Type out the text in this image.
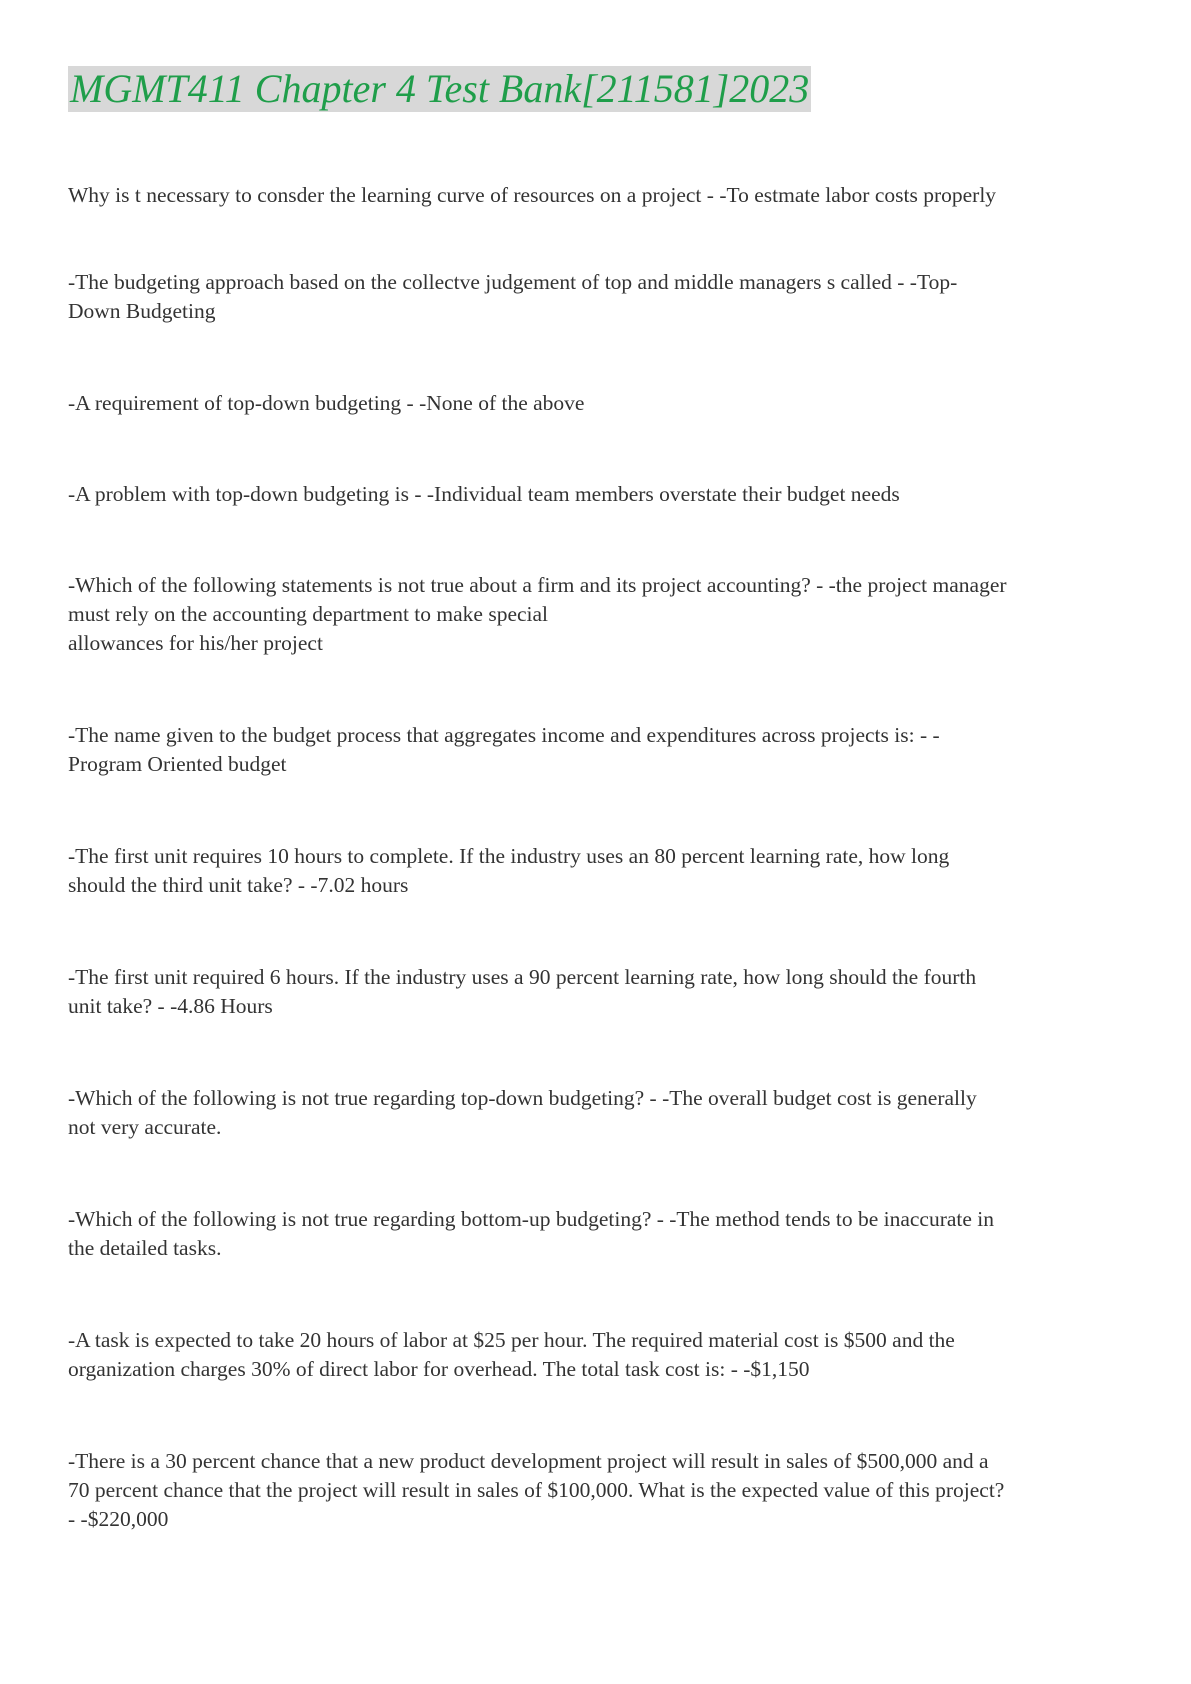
MGMT411 Chapter 4 Test Bank[211581]2023

Why is t necessary to consder the learning curve of resources on a project - -To estmate labor costs properly

-The budgeting approach based on the collectve judgement of top and middle managers s called - -Top-
Down Budgeting

-A requirement of top-down budgeting - -None of the above

-A problem with top-down budgeting is - -Individual team members overstate their budget needs

-Which of the following statements is not true about a firm and its project accounting? - -the project manager
must rely on the accounting department to make special
allowances for his/her project

-The name given to the budget process that aggregates income and expenditures across projects is: - -
Program Oriented budget

-The first unit requires 10 hours to complete. If the industry uses an 80 percent learning rate, how long
should the third unit take? - -7.02 hours

-The first unit required 6 hours. If the industry uses a 90 percent learning rate, how long should the fourth
unit take? - -4.86 Hours

-Which of the following is not true regarding top-down budgeting? - -The overall budget cost is generally
not very accurate.

-Which of the following is not true regarding bottom-up budgeting? - -The method tends to be inaccurate in
the detailed tasks.

-A task is expected to take 20 hours of labor at $25 per hour. The required material cost is $500 and the
organization charges 30% of direct labor for overhead. The total task cost is: - -$1,150

-There is a 30 percent chance that a new product development project will result in sales of $500,000 and a
70 percent chance that the project will result in sales of $100,000. What is the expected value of this project?
- -$220,000
